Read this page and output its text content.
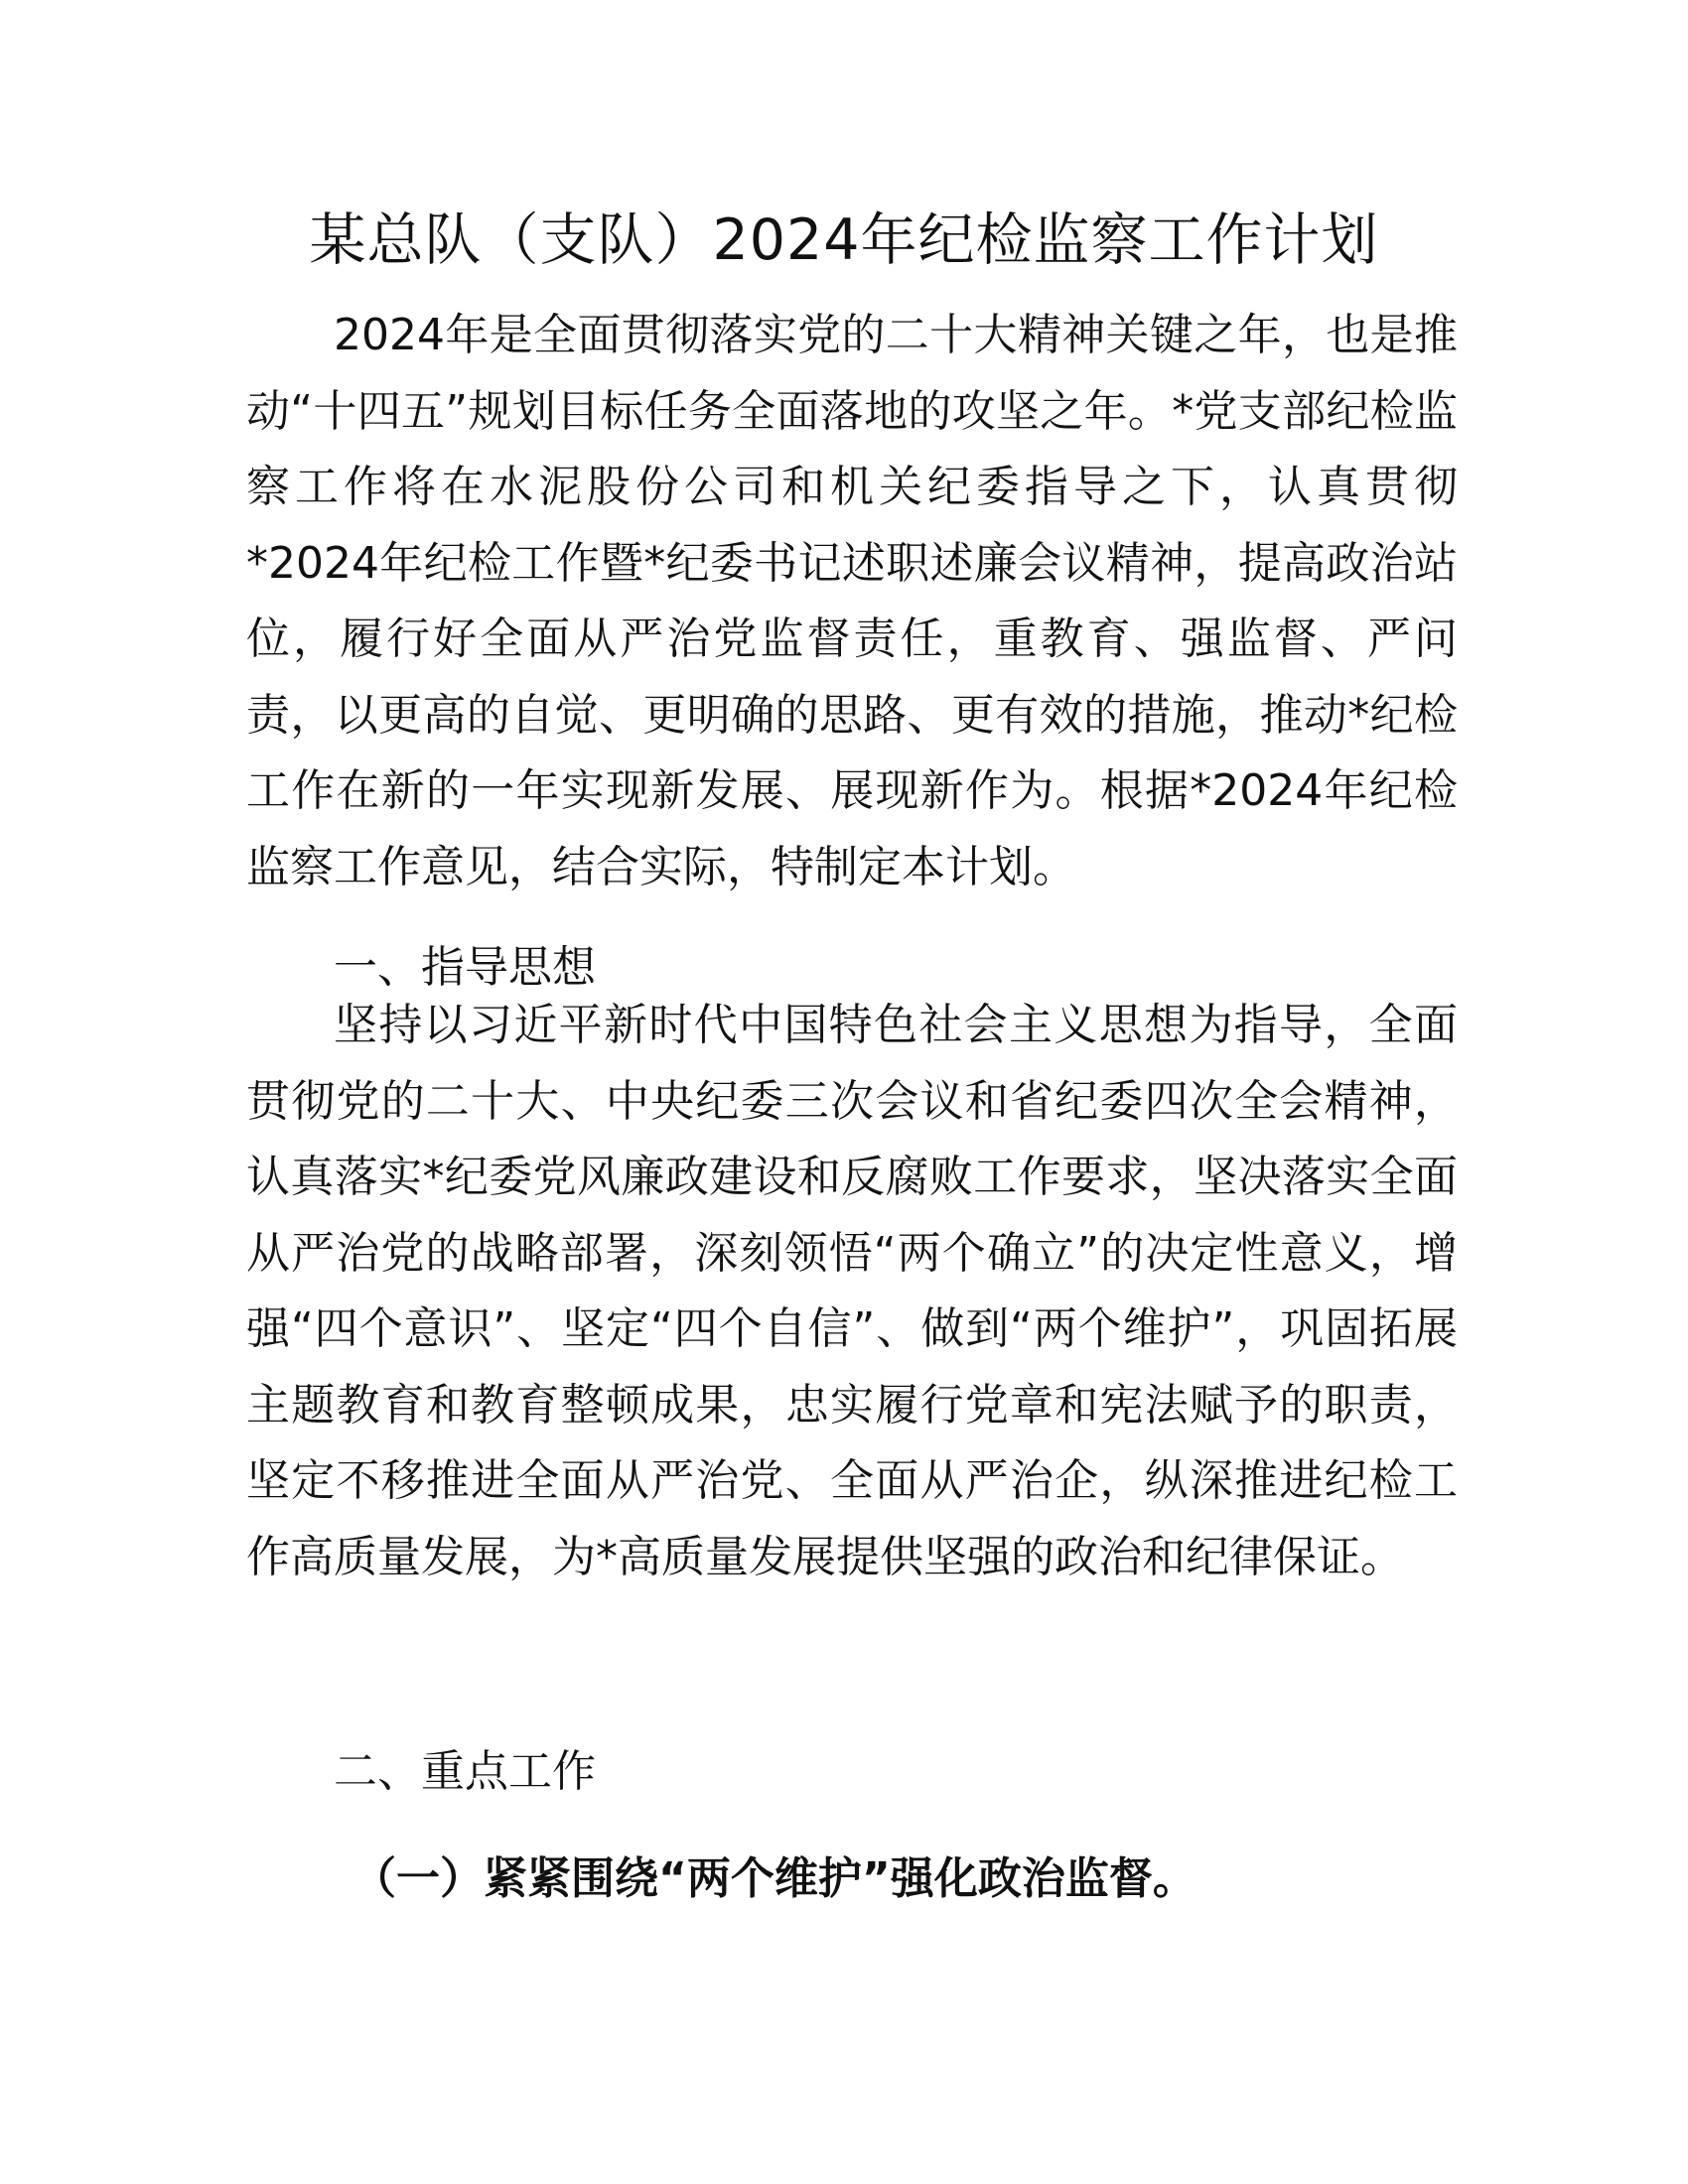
某总队（支队）2024年纪检监察工作计划

2024年是全面贯彻落实党的二十大精神关键之年，也是推动“十四五”规划目标任务全面落地的攻坚之年。*党支部纪检监察工作将在水泥股份公司和机关纪委指导之下，认真贯彻*2024年纪检工作暨*纪委书记述职述廉会议精神，提高政治站位，履行好全面从严治党监督责任，重教育、强监督、严问责，以更高的自觉、更明确的思路、更有效的措施，推动*纪检工作在新的一年实现新发展、展现新作为。根据*2024年纪检监察工作意见，结合实际，特制定本计划。

一、指导思想

坚持以习近平新时代中国特色社会主义思想为指导，全面贯彻党的二十大、中央纪委三次会议和省纪委四次全会精神，认真落实*纪委党风廉政建设和反腐败工作要求，坚决落实全面从严治党的战略部署，深刻领悟“两个确立”的决定性意义，增强“四个意识”、坚定“四个自信”、做到“两个维护”，巩固拓展主题教育和教育整顿成果，忠实履行党章和宪法赋予的职责，坚定不移推进全面从严治党、全面从严治企，纵深推进纪检工作高质量发展，为*高质量发展提供坚强的政治和纪律保证。

二、重点工作
（一）紧紧围绕“两个维护”强化政治监督。
